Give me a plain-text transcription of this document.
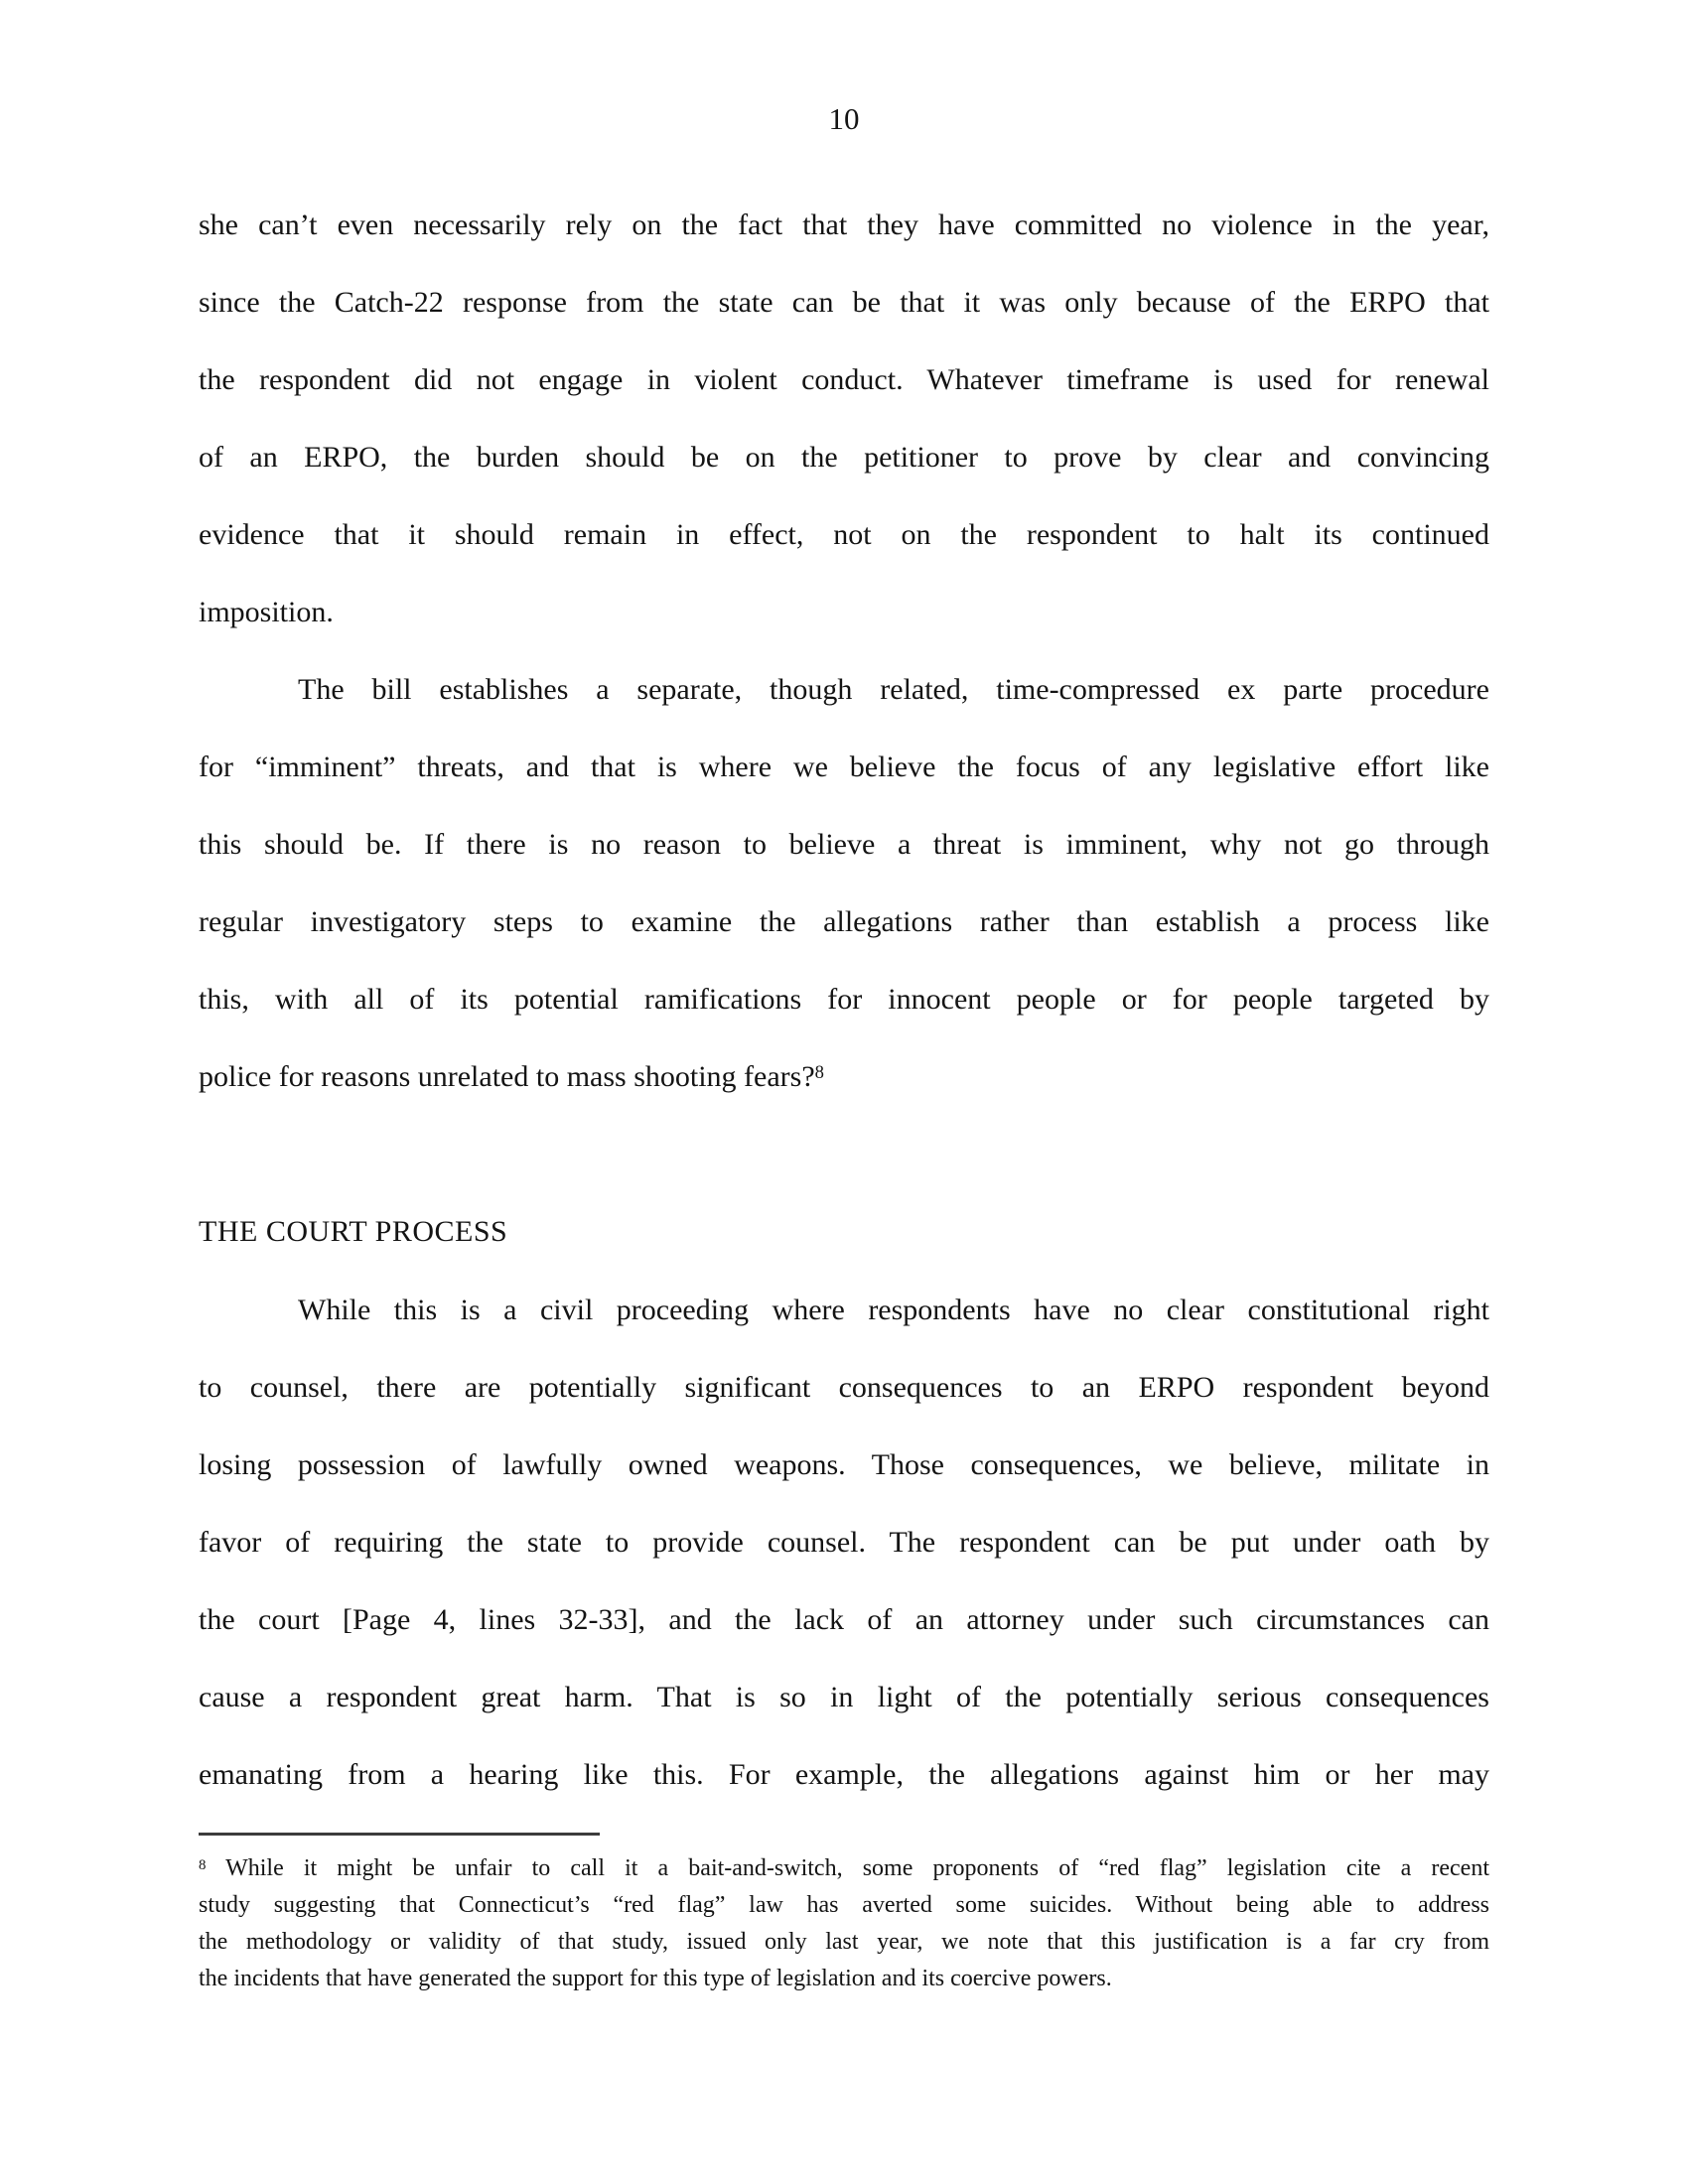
10
she can’t even necessarily rely on the fact that they have committed no violence in the year,
since the Catch-22 response from the state can be that it was only because of the ERPO that
the respondent did not engage in violent conduct. Whatever timeframe is used for renewal
of an ERPO, the burden should be on the petitioner to prove by clear and convincing
evidence that it should remain in effect, not on the respondent to halt its continued
imposition.
The bill establishes a separate, though related, time-compressed ex parte procedure
for “imminent” threats, and that is where we believe the focus of any legislative effort like
this should be. If there is no reason to believe a threat is imminent, why not go through
regular investigatory steps to examine the allegations rather than establish a process like
this, with all of its potential ramifications for innocent people or for people targeted by
police for reasons unrelated to mass shooting fears?$^8$
THE COURT PROCESS
While this is a civil proceeding where respondents have no clear constitutional right
to counsel, there are potentially significant consequences to an ERPO respondent beyond
losing possession of lawfully owned weapons. Those consequences, we believe, militate in
favor of requiring the state to provide counsel. The respondent can be put under oath by
the court [Page 4, lines 32-33], and the lack of an attorney under such circumstances can
cause a respondent great harm. That is so in light of the potentially serious consequences
emanating from a hearing like this. For example, the allegations against him or her may
$^8$ While it might be unfair to call it a bait-and-switch, some proponents of “red flag” legislation cite a recent
study suggesting that Connecticut’s “red flag” law has averted some suicides. Without being able to address
the methodology or validity of that study, issued only last year, we note that this justification is a far cry from
the incidents that have generated the support for this type of legislation and its coercive powers.
